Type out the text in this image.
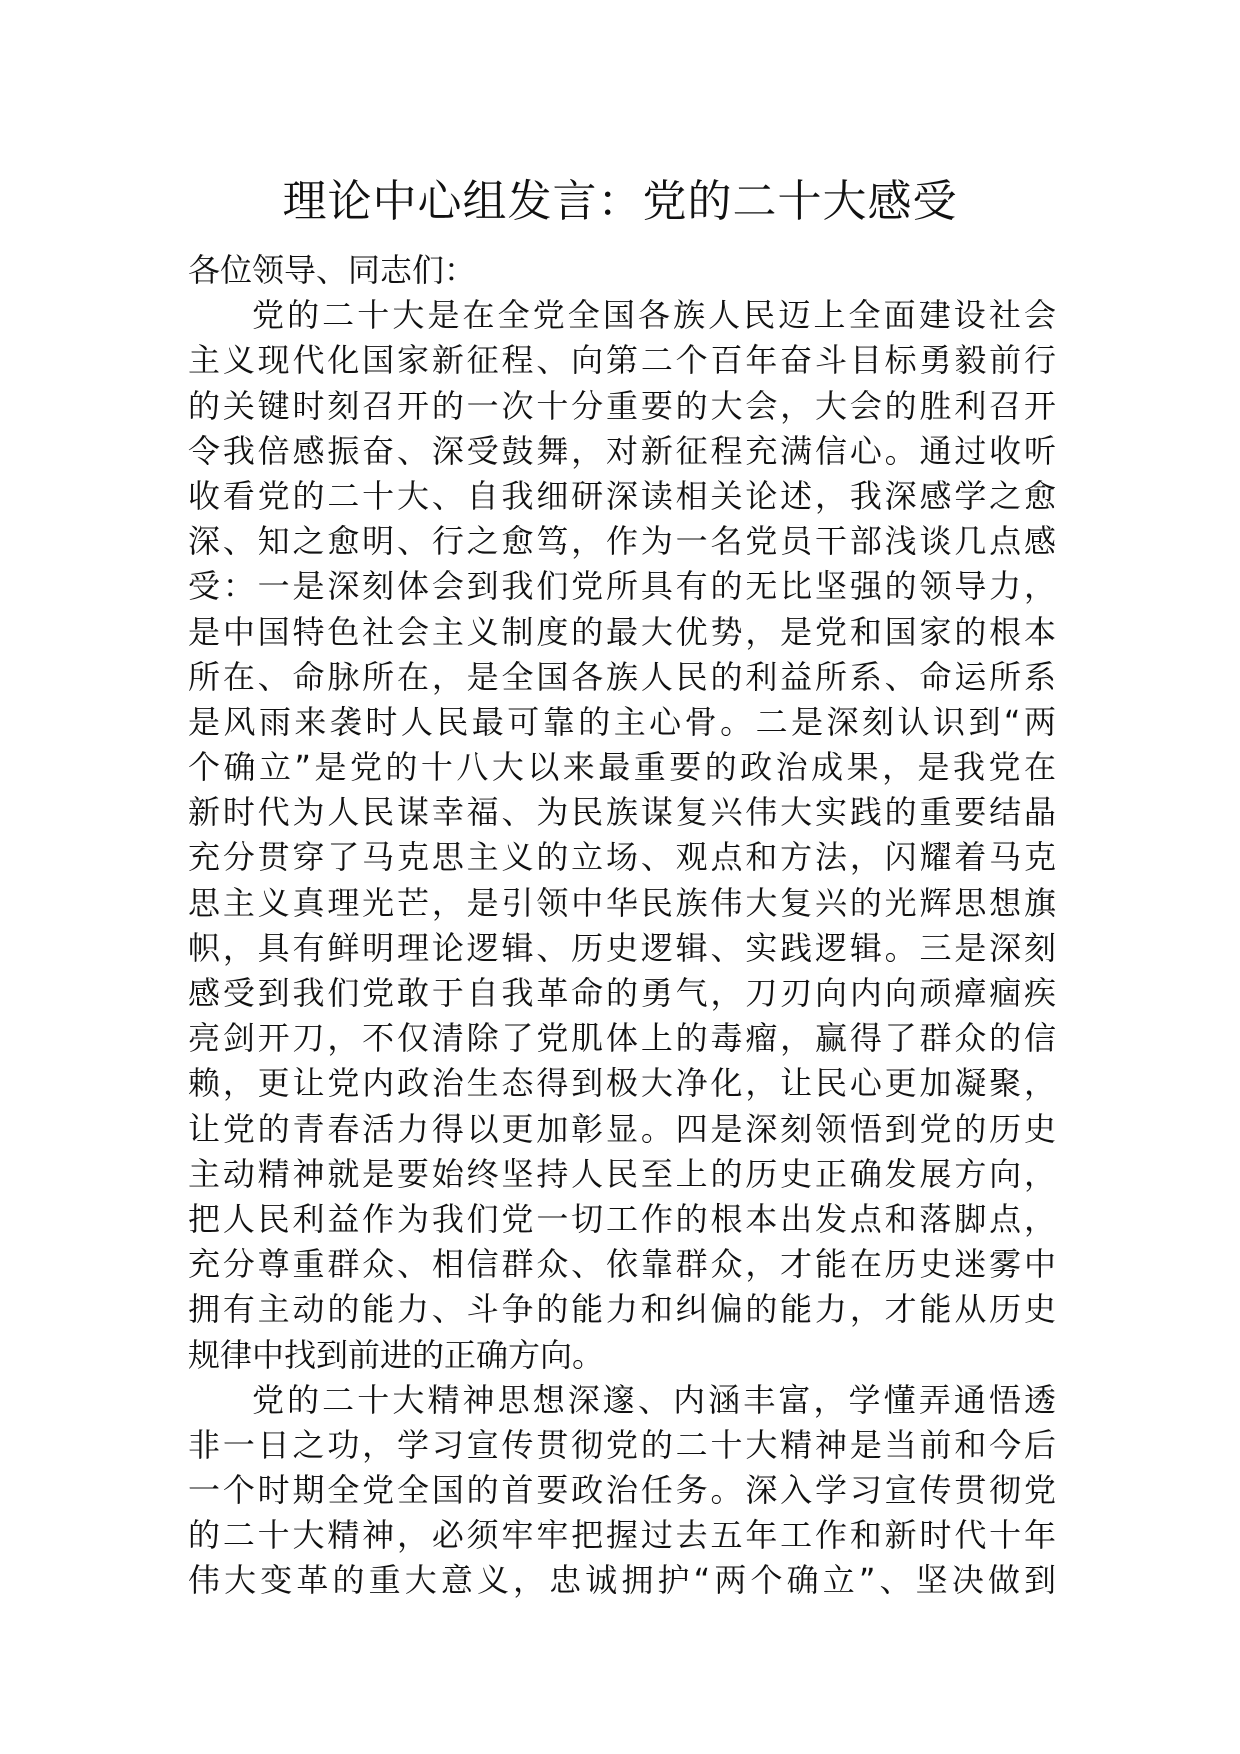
理论中心组发言：党的二十大感受
各位领导、同志们：
党的二十大是在全党全国各族人民迈上全面建设社会
主义现代化国家新征程、向第二个百年奋斗目标勇毅前行
的关键时刻召开的一次十分重要的大会，大会的胜利召开
令我倍感振奋、深受鼓舞，对新征程充满信心。通过收听
收看党的二十大、自我细研深读相关论述，我深感学之愈
深、知之愈明、行之愈笃，作为一名党员干部浅谈几点感
受：一是深刻体会到我们党所具有的无比坚强的领导力，
是中国特色社会主义制度的最大优势，是党和国家的根本
所在、命脉所在，是全国各族人民的利益所系、命运所系
是风雨来袭时人民最可靠的主心骨。二是深刻认识到“两
个确立”是党的十八大以来最重要的政治成果，是我党在
新时代为人民谋幸福、为民族谋复兴伟大实践的重要结晶
充分贯穿了马克思主义的立场、观点和方法，闪耀着马克
思主义真理光芒，是引领中华民族伟大复兴的光辉思想旗
帜，具有鲜明理论逻辑、历史逻辑、实践逻辑。三是深刻
感受到我们党敢于自我革命的勇气，刀刃向内向顽瘴痼疾
亮剑开刀，不仅清除了党肌体上的毒瘤，赢得了群众的信
赖，更让党内政治生态得到极大净化，让民心更加凝聚，
让党的青春活力得以更加彰显。四是深刻领悟到党的历史
主动精神就是要始终坚持人民至上的历史正确发展方向，
把人民利益作为我们党一切工作的根本出发点和落脚点，
充分尊重群众、相信群众、依靠群众，才能在历史迷雾中
拥有主动的能力、斗争的能力和纠偏的能力，才能从历史
规律中找到前进的正确方向。
党的二十大精神思想深邃、内涵丰富，学懂弄通悟透
非一日之功，学习宣传贯彻党的二十大精神是当前和今后
一个时期全党全国的首要政治任务。深入学习宣传贯彻党
的二十大精神，必须牢牢把握过去五年工作和新时代十年
伟大变革的重大意义，忠诚拥护“两个确立”、坚决做到
